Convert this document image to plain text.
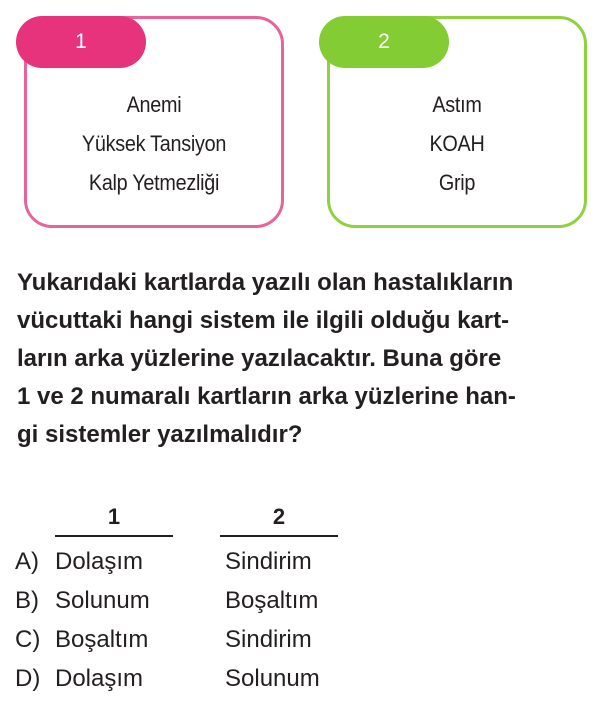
1
Anemi
Yüksek Tansiyon
Kalp Yetmezliği
2
Astım
KOAH
Grip

Yukarıdaki kartlarda yazılı olan hastalıkların
vücuttaki hangi sistem ile ilgili olduğu kart-
ların arka yüzlerine yazılacaktır. Buna göre
1 ve 2 numaralı kartların arka yüzlerine han-
gi sistemler yazılmalıdır?

1	2
A) Dolaşım	Sindirim
B) Solunum	Boşaltım
C) Boşaltım	Sindirim
D) Dolaşım	Solunum
